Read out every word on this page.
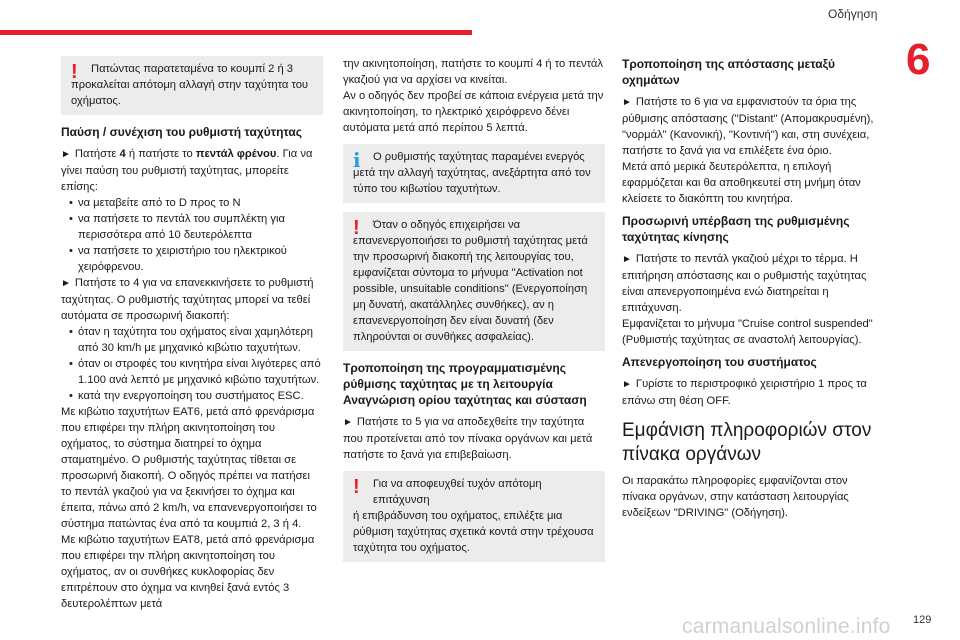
Οδήγηση
6
!	Πατώντας παρατεταμένα το κουμπί 2 ή 3

προκαλείται απότομη αλλαγή στην ταχύτητα του οχήματος.

Παύση / συνέχιση του ρυθμιστή ταχύτητας

► Πατήστε 4 ή πατήστε το πεντάλ φρένου. Για να γίνει παύση του ρυθμιστή ταχύτητας, μπορείτε επίσης:

• να μεταβείτε από το D προς το N
• να πατήσετε το πεντάλ του συμπλέκτη για περισσότερα από 10 δευτερόλεπτα
• να πατήσετε το χειριστήριο του ηλεκτρικού χειρόφρενου.

► Πατήστε το 4 για να επανεκκινήσετε το ρυθμιστή ταχύτητας. Ο ρυθμιστής ταχύτητας μπορεί να τεθεί αυτόματα σε προσωρινή διακοπή:

• όταν η ταχύτητα του οχήματος είναι χαμηλότερη από 30 km/h με μηχανικό κιβώτιο ταχυτήτων.
• όταν οι στροφές του κινητήρα είναι λιγότερες από 1.100 ανά λεπτό με μηχανικό κιβώτιο ταχυτήτων.
• κατά την ενεργοποίηση του συστήματος ESC.

Με κιβώτιο ταχυτήτων EAT6, μετά από φρενάρισμα που επιφέρει την πλήρη ακινητοποίηση του οχήματος, το σύστημα διατηρεί το όχημα σταματημένο. Ο ρυθμιστής ταχύτητας τίθεται σε προσωρινή διακοπή. Ο οδηγός πρέπει να πατήσει το πεντάλ γκαζιού για να ξεκινήσει το όχημα και έπειτα, πάνω από 2 km/h, να επανενεργοποιήσει το σύστημα πατώντας ένα από τα κουμπιά 2, 3 ή 4.

Με κιβώτιο ταχυτήτων EAT8, μετά από φρενάρισμα που επιφέρει την πλήρη ακινητοποίηση του οχήματος, αν οι συνθήκες κυκλοφορίας δεν επιτρέπουν στο όχημα να κινηθεί ξανά εντός 3 δευτερολέπτων μετά

την ακινητοποίηση, πατήστε το κουμπί 4 ή το πεντάλ γκαζιού για να αρχίσει να κινείται.

Αν ο οδηγός δεν προβεί σε κάποια ενέργεια μετά την ακινητοποίηση, το ηλεκτρικό χειρόφρενο δένει αυτόματα μετά από περίπου 5 λεπτά.

i	Ο ρυθμιστής ταχύτητας παραμένει ενεργός

μετά την αλλαγή ταχύτητας, ανεξάρτητα από τον τύπο του κιβωτίου ταχυτήτων.

!	Όταν ο οδηγός επιχειρήσει να

επανενεργοποιήσει το ρυθμιστή ταχύτητας μετά την προσωρινή διακοπή της λειτουργίας του, εμφανίζεται σύντομα το μήνυμα "Activation not possible, unsuitable conditions" (Ενεργοποίηση μη δυνατή, ακατάλληλες συνθήκες), αν η επανενεργοποίηση δεν είναι δυνατή (δεν πληρούνται οι συνθήκες ασφαλείας).

Τροποποίηση της προγραμματισμένης ρύθμισης ταχύτητας με τη λειτουργία Αναγνώριση ορίου ταχύτητας και σύσταση

► Πατήστε το 5 για να αποδεχθείτε την ταχύτητα που προτείνεται από τον πίνακα οργάνων και μετά πατήστε το ξανά για επιβεβαίωση.

!	Για να αποφευχθεί τυχόν απότομη επιτάχυνση

ή επιβράδυνση του οχήματος, επιλέξτε μια ρύθμιση ταχύτητας σχετικά κοντά στην τρέχουσα ταχύτητα του οχήματος.

Τροποποίηση της απόστασης μεταξύ οχημάτων

► Πατήστε το 6 για να εμφανιστούν τα όρια της ρύθμισης απόστασης ("Distant" (Απομακρυσμένη), "νορμάλ" (Κανονική), "Κοντινή") και, στη συνέχεια, πατήστε το ξανά για να επιλέξετε ένα όριο.

Μετά από μερικά δευτερόλεπτα, η επιλογή εφαρμόζεται και θα αποθηκευτεί στη μνήμη όταν κλείσετε το διακόπτη του κινητήρα.

Προσωρινή υπέρβαση της ρυθμισμένης ταχύτητας κίνησης

► Πατήστε το πεντάλ γκαζιού μέχρι το τέρμα. Η επιτήρηση απόστασης και ο ρυθμιστής ταχύτητας είναι απενεργοποιημένα ενώ διατηρείται η επιτάχυνση.

Εμφανίζεται το μήνυμα "Cruise control suspended" (Ρυθμιστής ταχύτητας σε αναστολή λειτουργίας).

Απενεργοποίηση του συστήματος

► Γυρίστε το περιστροφικό χειριστήριο 1 προς τα επάνω στη θέση OFF.

Εμφάνιση πληροφοριών στον πίνακα οργάνων

Οι παρακάτω πληροφορίες εμφανίζονται στον πίνακα οργάνων, στην κατάσταση λειτουργίας ενδείξεων "DRIVING" (Οδήγηση).

carmanualsonline.info 129
